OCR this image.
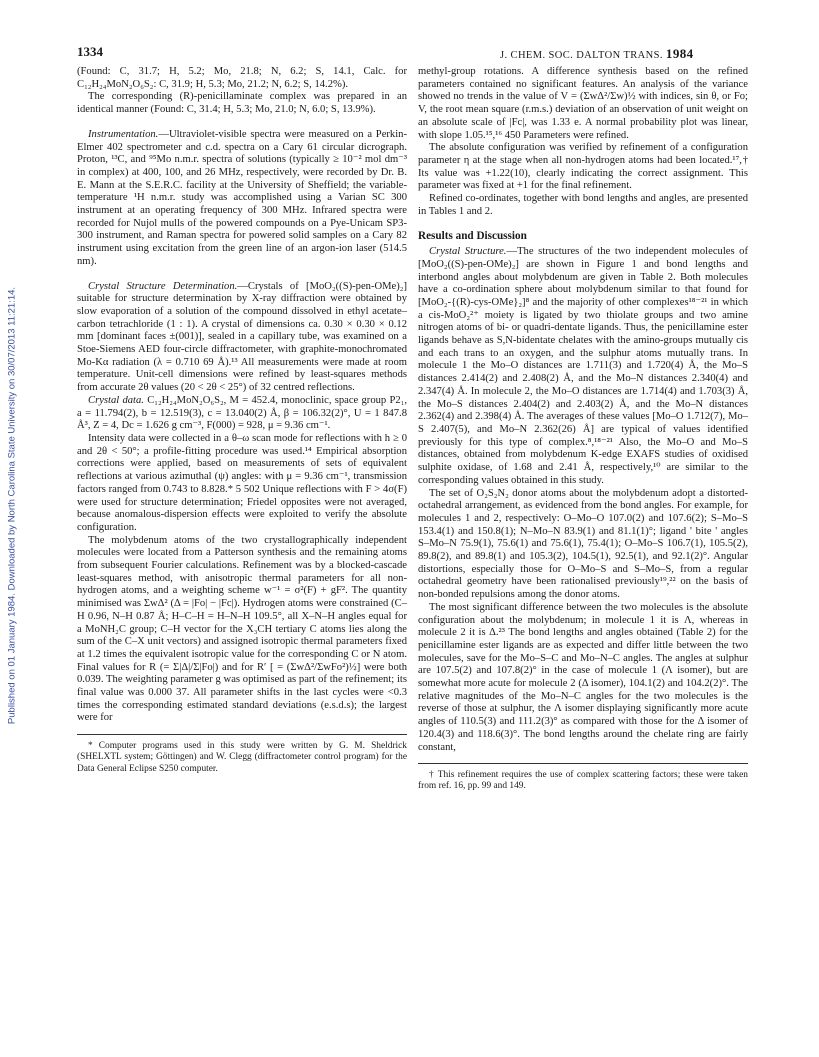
1334	J. CHEM. SOC. DALTON TRANS. 1984
Published on 01 January 1984. Downloaded by North Carolina State University on 30/07/2013 11:21:14.

(Found: C, 31.7; H, 5.2; Mo, 21.8; N, 6.2; S, 14.1, Calc. for C₁₂H₂₄MoN₂O₆S₂: C, 31.9; H, 5.3; Mo, 21.2; N, 6.2; S, 14.2%).

The corresponding (R)-penicillaminate complex was prepared in an identical manner (Found: C, 31.4; H, 5.3; Mo, 21.0; N, 6.0; S, 13.9%).

Instrumentation.—Ultraviolet-visible spectra were measured on a Perkin-Elmer 402 spectrometer and c.d. spectra on a Cary 61 circular dicrograph. Proton, ¹³C, and ⁹⁵Mo n.m.r. spectra of solutions (typically ≥ 10⁻² mol dm⁻³ in complex) at 400, 100, and 26 MHz, respectively, were recorded by Dr. B. E. Mann at the S.E.R.C. facility at the University of Sheffield; the variable-temperature ¹H n.m.r. study was accomplished using a Varian SC 300 instrument at an operating frequency of 300 MHz. Infrared spectra were recorded for Nujol mulls of the powered compounds on a Pye-Unicam SP3-300 instrument, and Raman spectra for powered solid samples on a Cary 82 instrument using excitation from the green line of an argon-ion laser (514.5 nm).

Crystal Structure Determination.—Crystals of [MoO₂((S)-pen-OMe)₂] suitable for structure determination by X-ray diffraction were obtained by slow evaporation of a solution of the compound dissolved in ethyl acetate–carbon tetrachloride (1 : 1). A crystal of dimensions ca. 0.30 × 0.30 × 0.12 mm [dominant faces ±(001)], sealed in a capillary tube, was examined on a Stoe-Siemens AED four-circle diffractometer, with graphite-monochromated Mo-Kα radiation (λ = 0.710 69 Å).¹³ All measurements were made at room temperature. Unit-cell dimensions were refined by least-squares methods from accurate 2θ values (20 < 2θ < 25°) of 32 centred reflections.

Crystal data. C₁₂H₂₄MoN₂O₆S₂, M = 452.4, monoclinic, space group P2₁, a = 11.794(2), b = 12.519(3), c = 13.040(2) Å, β = 106.32(2)°, U = 1 847.8 Å³, Z = 4, Dc = 1.626 g cm⁻³, F(000) = 928, μ = 9.36 cm⁻¹.

Intensity data were collected in a θ–ω scan mode for reflections with h ≥ 0 and 2θ < 50°; a profile-fitting procedure was used.¹⁴ Empirical absorption corrections were applied, based on measurements of sets of equivalent reflections at various azimuthal (ψ) angles: with μ = 9.36 cm⁻¹, transmission factors ranged from 0.743 to 8.828.* 5 502 Unique reflections with F > 4σ(F) were used for structure determination; Friedel opposites were not averaged, because anomalous-dispersion effects were exploited to verify the absolute configuration.

The molybdenum atoms of the two crystallographically independent molecules were located from a Patterson synthesis and the remaining atoms from subsequent Fourier calculations. Refinement was by a blocked-cascade least-squares method, with anisotropic thermal parameters for all non-hydrogen atoms, and a weighting scheme w⁻¹ = σ²(F) + gF². The quantity minimised was ΣwΔ² (Δ = |Fo| − |Fc|). Hydrogen atoms were constrained (C–H 0.96, N–H 0.87 Å; H–C–H = H–N–H 109.5°, all X–N–H angles equal for a MoNH₂C group; C–H vector for the X₃CH tertiary C atoms lies along the sum of the C–X unit vectors) and assigned isotropic thermal parameters fixed at 1.2 times the equivalent isotropic value for the corresponding C or N atom. Final values for R (= Σ|Δ|/Σ|Fo|) and for R′ [ = (ΣwΔ²/ΣwFo²)½] were both 0.039. The weighting parameter g was optimised as part of the refinement; its final value was 0.000 37. All parameter shifts in the last cycles were <0.3 times the corresponding estimated standard deviations (e.s.d.s); the largest were for

* Computer programs used in this study were written by G. M. Sheldrick (SHELXTL system; Göttingen) and W. Clegg (diffractometer control program) for the Data General Eclipse S250 computer.

methyl-group rotations. A difference synthesis based on the refined parameters contained no significant features. An analysis of the variance showed no trends in the value of V = (ΣwΔ²/Σw)½ with indices, sin θ, or Fo; V, the root mean square (r.m.s.) deviation of an observation of unit weight on an absolute scale of |Fc|, was 1.33 e. A normal probability plot was linear, with slope 1.05.¹⁵,¹⁶ 450 Parameters were refined.

The absolute configuration was verified by refinement of a configuration parameter η at the stage when all non-hydrogen atoms had been located.¹⁷,† Its value was +1.22(10), clearly indicating the correct assignment. This parameter was fixed at +1 for the final refinement.

Refined co-ordinates, together with bond lengths and angles, are presented in Tables 1 and 2.

Results and Discussion

Crystal Structure.—The structures of the two independent molecules of [MoO₂((S)-pen-OMe)₂] are shown in Figure 1 and bond lengths and interbond angles about molybdenum are given in Table 2. Both molecules have a co-ordination sphere about molybdenum similar to that found for [MoO₂-{(R)-cys-OMe}₂]⁸ and the majority of other complexes¹⁸⁻²¹ in which a cis-MoO₂²⁺ moiety is ligated by two thiolate groups and two amine nitrogen atoms of bi- or quadri-dentate ligands. Thus, the penicillamine ester ligands behave as S,N-bidentate chelates with the amino-groups mutually cis and each trans to an oxygen, and the sulphur atoms mutually trans. In molecule 1 the Mo–O distances are 1.711(3) and 1.720(4) Å, the Mo–S distances 2.414(2) and 2.408(2) Å, and the Mo–N distances 2.340(4) and 2.347(4) Å. In molecule 2, the Mo–O distances are 1.714(4) and 1.703(3) Å, the Mo–S distances 2.404(2) and 2.403(2) Å, and the Mo–N distances 2.362(4) and 2.398(4) Å. The averages of these values [Mo–O 1.712(7), Mo–S 2.407(5), and Mo–N 2.362(26) Å] are typical of values identified previously for this type of complex.⁸,¹⁸⁻²¹ Also, the Mo–O and Mo–S distances, obtained from molybdenum K-edge EXAFS studies of oxidised sulphite oxidase, of 1.68 and 2.41 Å, respectively,¹⁰ are similar to the corresponding values obtained in this study.

The set of O₂S₂N₂ donor atoms about the molybdenum adopt a distorted-octahedral arrangement, as evidenced from the bond angles. For example, for molecules 1 and 2, respectively: O–Mo–O 107.0(2) and 107.6(2); S–Mo–S 153.4(1) and 150.8(1); N–Mo–N 83.9(1) and 81.1(1)°; ligand ' bite ' angles S–Mo–N 75.9(1), 75.6(1) and 75.6(1), 75.4(1); O–Mo–S 106.7(1), 105.5(2), 89.8(2), and 89.8(1) and 105.3(2), 104.5(1), 92.5(1), and 92.1(2)°. Angular distortions, especially those for O–Mo–S and S–Mo–S, from a regular octahedral geometry have been rationalised previously¹⁹,²² on the basis of non-bonded repulsions among the donor atoms.

The most significant difference between the two molecules is the absolute configuration about the molybdenum; in molecule 1 it is Λ, whereas in molecule 2 it is Δ.²³ The bond lengths and angles obtained (Table 2) for the penicillamine ester ligands are as expected and differ little between the two molecules, save for the Mo–S–C and Mo–N–C angles. The angles at sulphur are 107.5(2) and 107.8(2)° in the case of molecule 1 (Λ isomer), but are somewhat more acute for molecule 2 (Δ isomer), 104.1(2) and 104.2(2)°. The relative magnitudes of the Mo–N–C angles for the two molecules is the reverse of those at sulphur, the Λ isomer displaying significantly more acute angles of 110.5(3) and 111.2(3)° as compared with those for the Δ isomer of 120.4(3) and 118.6(3)°. The bond lengths around the chelate ring are fairly constant,

† This refinement requires the use of complex scattering factors; these were taken from ref. 16, pp. 99 and 149.
